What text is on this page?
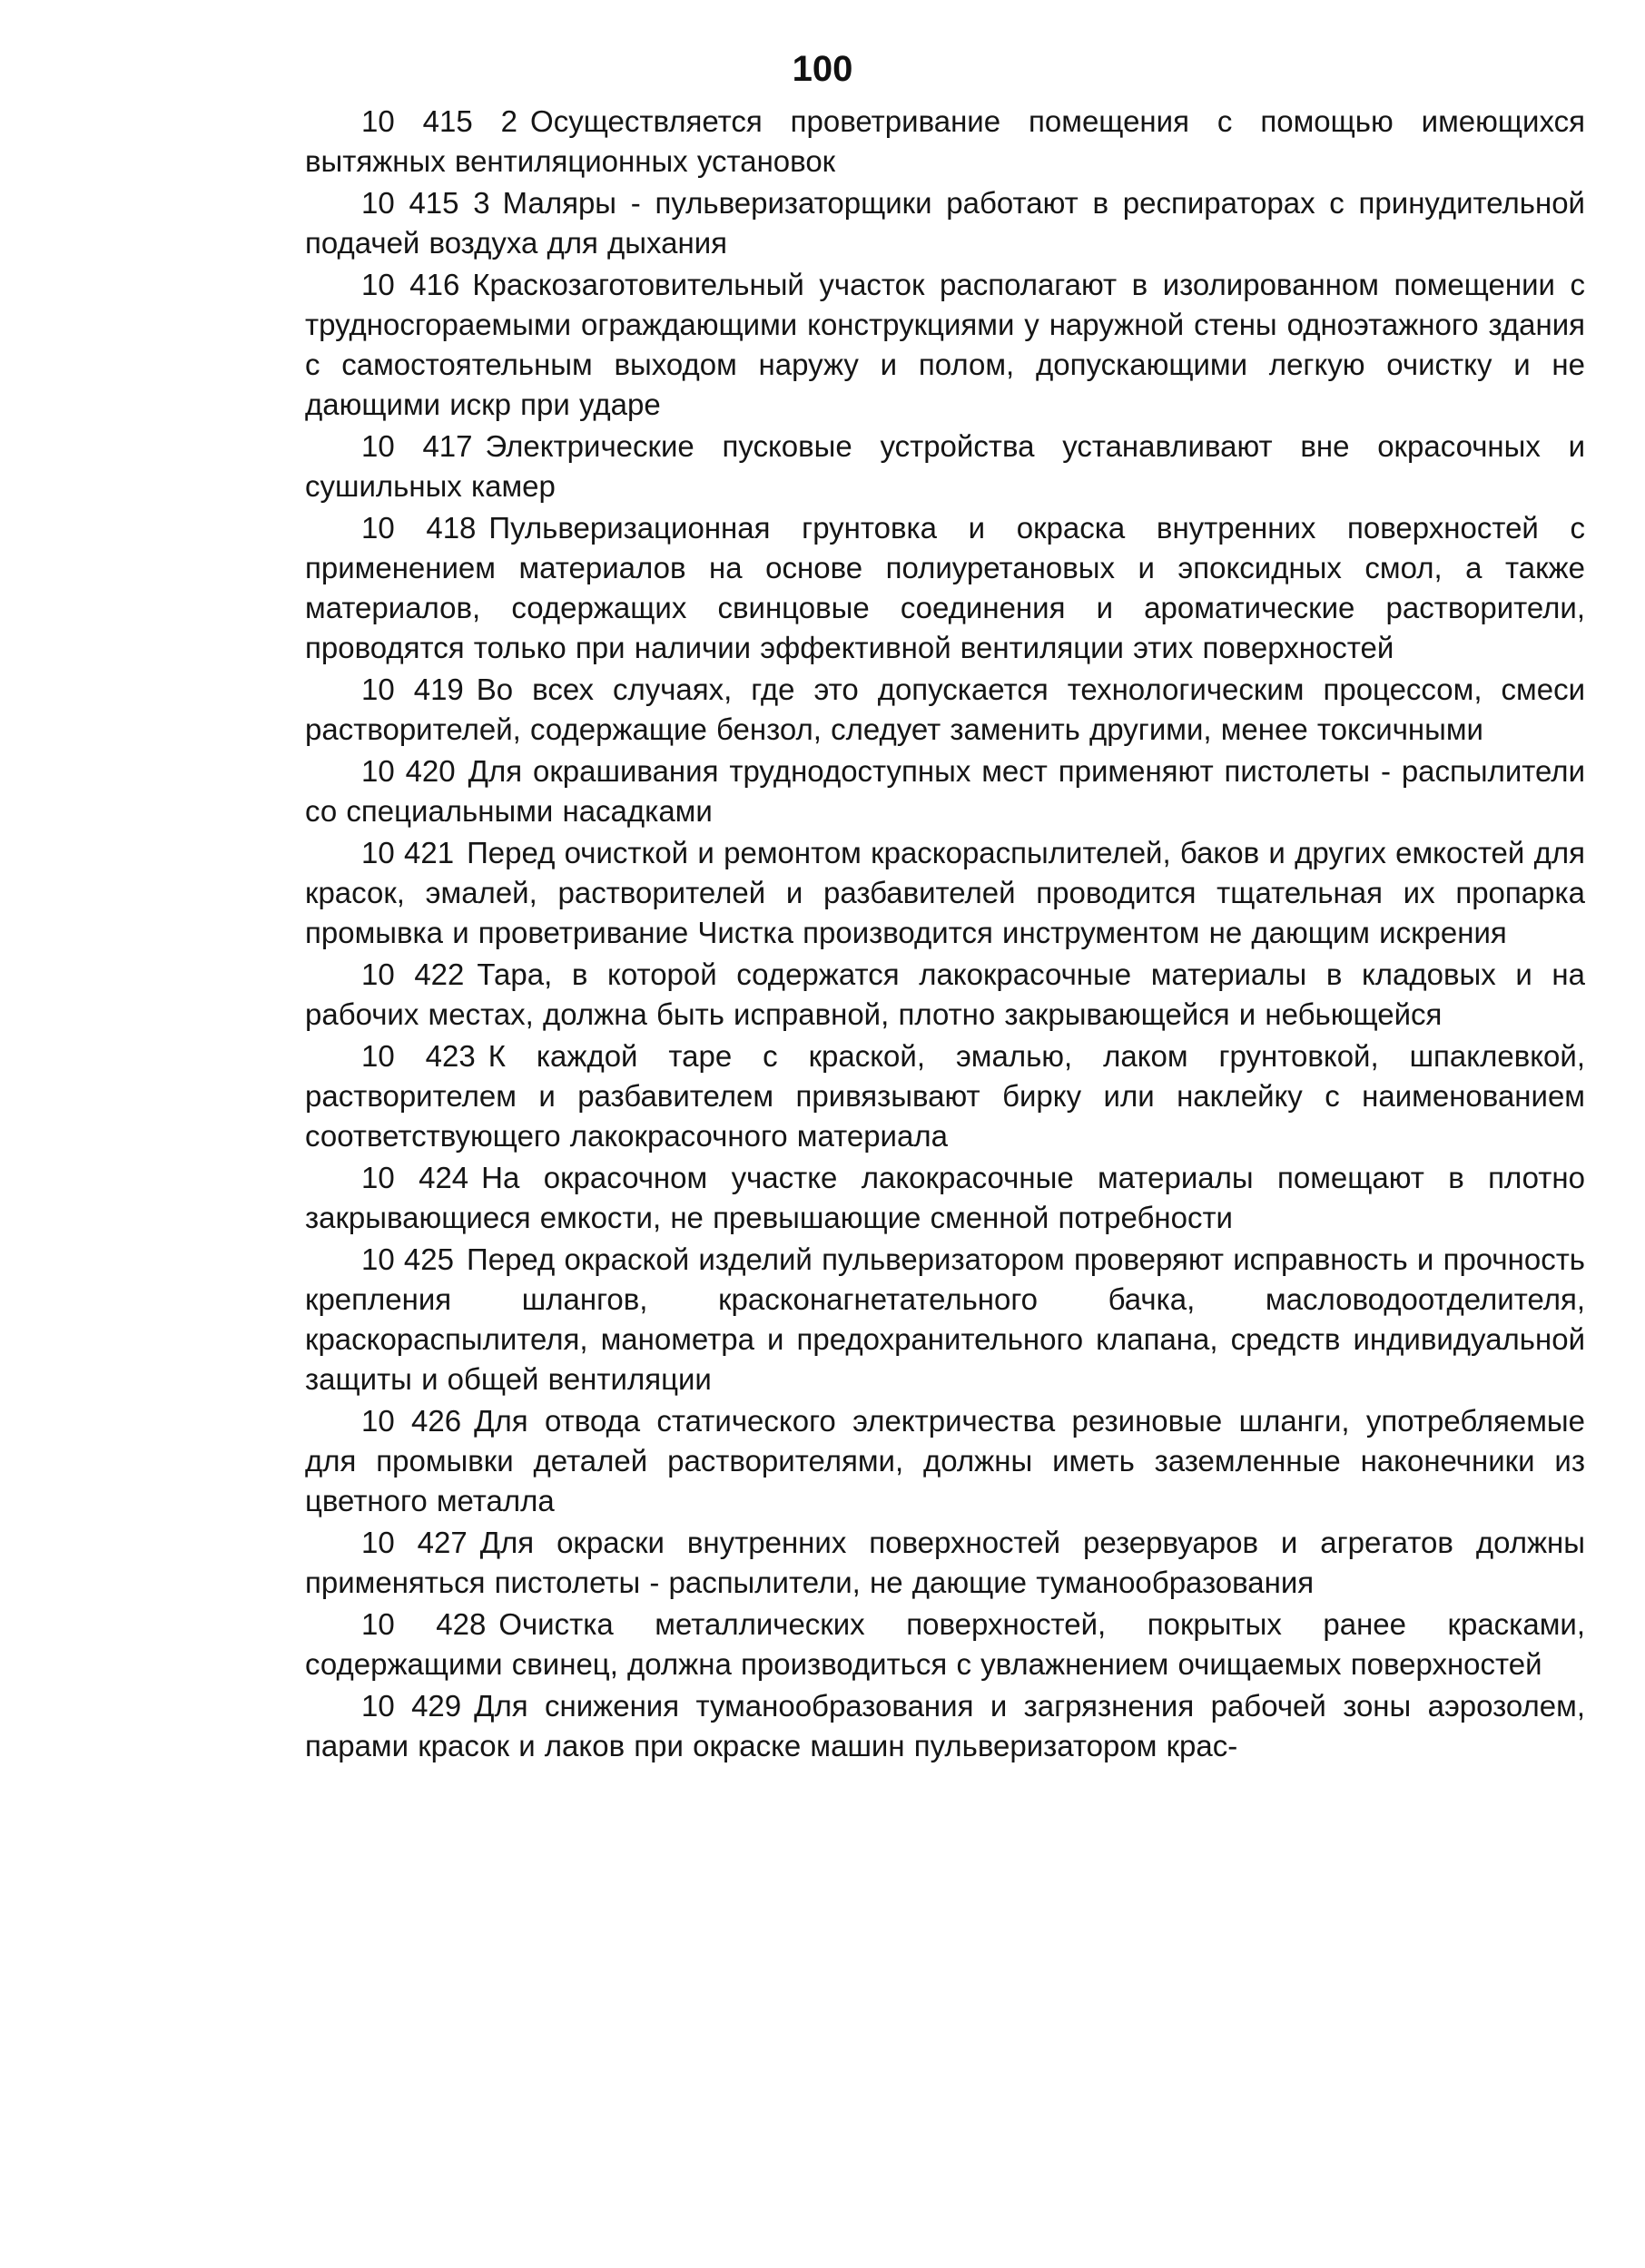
100

10 415 2 Осуществляется проветривание помещения с помощью имеющихся вытяжных вентиляционных установок

10 415 3 Маляры - пульверизаторщики работают в респираторах с принудительной подачей воздуха для дыхания

10 416 Краскозаготовительный участок располагают в изолированном помещении с трудносгораемыми ограждающими конструкциями у наружной стены одноэтажного здания с самостоятельным выходом наружу и полом, допускающими легкую очистку и не дающими искр при ударе

10 417 Электрические пусковые устройства устанавливают вне окрасочных и сушильных камер

10 418 Пульверизационная грунтовка и окраска внутренних поверхностей с применением материалов на основе полиуретановых и эпоксидных смол, а также материалов, содержащих свинцовые соединения и ароматические растворители, проводятся только при наличии эффективной вентиляции этих поверхностей

10 419 Во всех случаях, где это допускается технологическим процессом, смеси растворителей, содержащие бензол, следует заменить другими, менее токсичными

10 420 Для окрашивания труднодоступных мест применяют пистолеты - распылители со специальными насадками

10 421 Перед очисткой и ремонтом краскораспылителей, баков и других емкостей для красок, эмалей, растворителей и разбавителей проводится тщательная их пропарка промывка и проветривание Чистка производится инструментом не дающим искрения

10 422 Тара, в которой содержатся лакокрасочные материалы в кладовых и на рабочих местах, должна быть исправной, плотно закрывающейся и небьющейся

10 423 К каждой таре с краской, эмалью, лаком грунтовкой, шпаклевкой, растворителем и разбавителем привязывают бирку или наклейку с наименованием соответствующего лакокрасочного материала

10 424 На окрасочном участке лакокрасочные материалы помещают в плотно закрывающиеся емкости, не превышающие сменной потребности

10 425 Перед окраской изделий пульверизатором проверяют исправность и прочность крепления шлангов, красконагнетательного бачка, масловодоотделителя, краскораспылителя, манометра и предохранительного клапана, средств индивидуальной защиты и общей вентиляции

10 426 Для отвода статического электричества резиновые шланги, употребляемые для промывки деталей растворителями, должны иметь заземленные наконечники из цветного металла

10 427 Для окраски внутренних поверхностей резервуаров и агрегатов должны применяться пистолеты - распылители, не дающие туманообразования

10 428 Очистка металлических поверхностей, покрытых ранее красками, содержащими свинец, должна производиться с увлажнением очищаемых поверхностей

10 429 Для снижения туманообразования и загрязнения рабочей зоны аэрозолем, парами красок и лаков при окраске машин пульверизатором крас-
